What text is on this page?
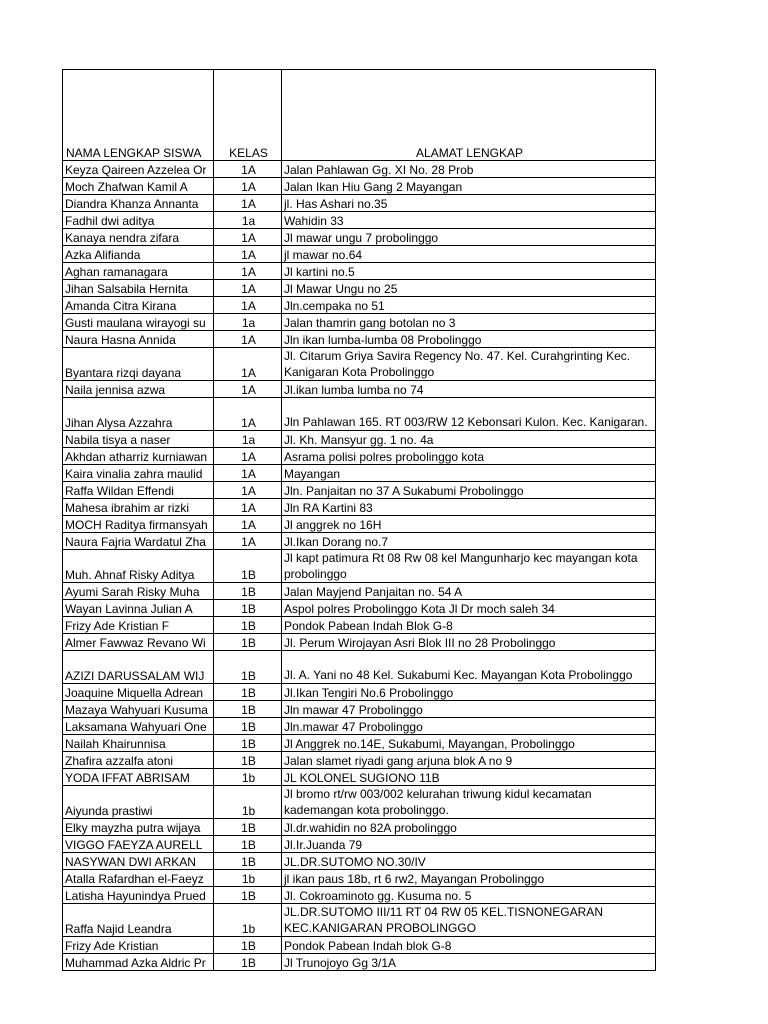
NAMA LENGKAP SISWA	KELAS	ALAMAT LENGKAP
Keyza Qaireen Azzelea Or	1A	Jalan Pahlawan Gg. XI No. 28 Prob
Moch Zhafwan Kamil A	1A	Jalan Ikan Hiu Gang 2 Mayangan
Diandra Khanza Annanta	1A	jl. Has Ashari no.35
Fadhil dwi aditya	1a	Wahidin 33
Kanaya nendra zifara	1A	Jl mawar ungu 7 probolinggo
Azka Alifianda	1A	jl mawar no.64
Aghan ramanagara	1A	Jl kartini no.5
Jihan Salsabila Hernita	1A	Jl Mawar Ungu no 25
Amanda Citra Kirana	1A	Jln.cempaka no 51
Gusti maulana wirayogi su	1a	Jalan thamrin gang botolan no 3
Naura Hasna Annida	1A	Jln ikan lumba-lumba 08 Probolinggo
Byantara rizqi dayana	1A	Jl. Citarum Griya Savira Regency No. 47. Kel. Curahgrinting Kec. Kanigaran Kota Probolinggo
Naila jennisa azwa	1A	Jl.ikan lumba lumba no 74
Jihan Alysa Azzahra	1A	Jln Pahlawan 165. RT 003/RW 12 Kebonsari Kulon. Kec. Kanigaran.
Nabila tisya a naser	1a	Jl. Kh. Mansyur gg. 1 no. 4a
Akhdan atharriz kurniawan	1A	Asrama polisi polres probolinggo kota
Kaira vinalia zahra maulid	1A	Mayangan
Raffa Wildan Effendi	1A	Jln. Panjaitan no 37 A Sukabumi Probolinggo
Mahesa ibrahim ar rizki	1A	Jln RA Kartini 83
MOCH Raditya firmansyah	1A	Jl anggrek no 16H
Naura Fajria Wardatul Zha	1A	Jl.Ikan Dorang no.7
Muh. Ahnaf Risky Aditya	1B	Jl kapt patimura Rt 08 Rw 08 kel Mangunharjo kec mayangan kota probolinggo
Ayumi Sarah Risky Muha	1B	Jalan Mayjend Panjaitan no. 54 A
Wayan Lavinna Julian A	1B	Aspol polres Probolinggo Kota Jl Dr moch saleh 34
Frizy Ade Kristian F	1B	Pondok Pabean Indah Blok G-8
Almer Fawwaz Revano Wi	1B	Jl. Perum Wirojayan Asri Blok III no 28 Probolinggo
AZIZI DARUSSALAM WIJ	1B	Jl. A. Yani no 48 Kel. Sukabumi Kec. Mayangan Kota Probolinggo
Joaquine Miquella Adrean	1B	Jl.Ikan Tengiri No.6 Probolinggo
Mazaya Wahyuari Kusuma	1B	Jln mawar 47 Probolinggo
Laksamana Wahyuari One	1B	Jln.mawar 47 Probolinggo
Nailah Khairunnisa	1B	Jl Anggrek no.14E, Sukabumi, Mayangan, Probolinggo
Zhafira azzalfa atoni	1B	Jalan slamet riyadi gang arjuna blok A no 9
YODA IFFAT ABRISAM	1b	JL KOLONEL SUGIONO 11B
Aiyunda prastiwi	1b	Jl bromo rt/rw 003/002 kelurahan triwung kidul kecamatan kademangan kota probolinggo.
Elky mayzha putra wijaya	1B	Jl.dr.wahidin no 82A probolinggo
VIGGO FAEYZA AURELL	1B	Jl.Ir.Juanda 79
NASYWAN DWI ARKAN	1B	JL.DR.SUTOMO NO.30/IV
Atalla Rafardhan el-Faeyz	1b	jl ikan paus 18b, rt 6 rw2, Mayangan Probolinggo
Latisha Hayunindya Prued	1B	Jl. Cokroaminoto gg. Kusuma no. 5
Raffa Najid Leandra	1b	JL.DR.SUTOMO III/11 RT 04 RW 05 KEL.TISNONEGARAN KEC.KANIGARAN PROBOLINGGO
Frizy Ade Kristian	1B	Pondok Pabean Indah blok G-8
Muhammad Azka Aldric Pr	1B	Jl Trunojoyo Gg 3/1A
